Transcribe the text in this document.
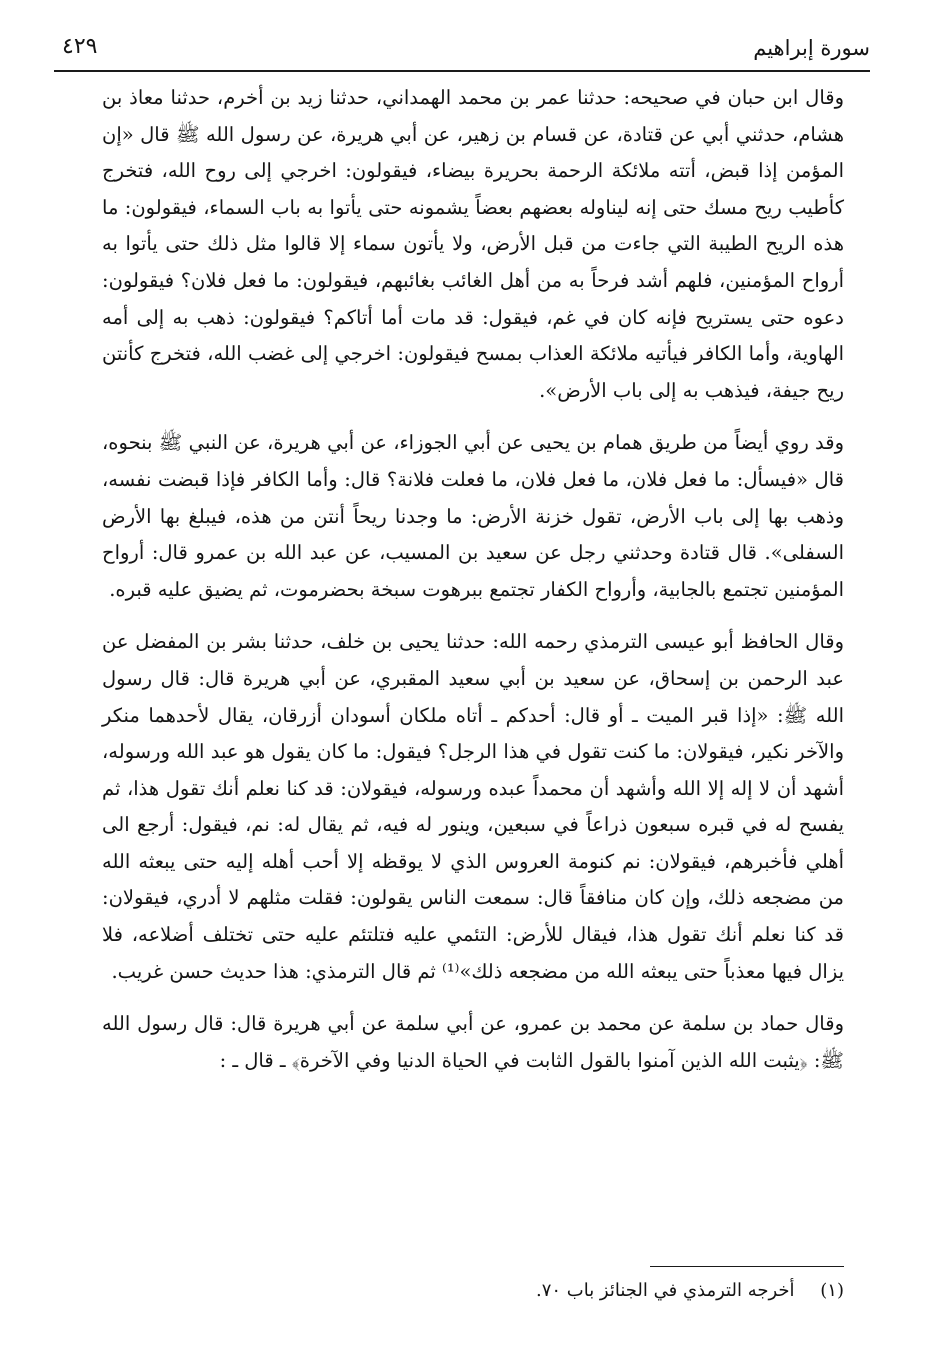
سورة إبراهيم
٤٢٩

وقال ابن حبان في صحيحه: حدثنا عمر بن محمد الهمداني، حدثنا زيد بن أخرم، حدثنا معاذ بن هشام، حدثني أبي عن قتادة، عن قسام بن زهير، عن أبي هريرة، عن رسول الله ﷺ قال «إن المؤمن إذا قبض، أتته ملائكة الرحمة بحريرة بيضاء، فيقولون: اخرجي إلى روح الله، فتخرج كأطيب ريح مسك حتى إنه ليناوله بعضهم بعضاً يشمونه حتى يأتوا به باب السماء، فيقولون: ما هذه الريح الطيبة التي جاءت من قبل الأرض، ولا يأتون سماء إلا قالوا مثل ذلك حتى يأتوا به أرواح المؤمنين، فلهم أشد فرحاً به من أهل الغائب بغائبهم، فيقولون: ما فعل فلان؟ فيقولون: دعوه حتى يستريح فإنه كان في غم، فيقول: قد مات أما أتاكم؟ فيقولون: ذهب به إلى أمه الهاوية، وأما الكافر فيأتيه ملائكة العذاب بمسح فيقولون: اخرجي إلى غضب الله، فتخرج كأنتن ريح جيفة، فيذهب به إلى باب الأرض».

وقد روي أيضاً من طريق همام بن يحيى عن أبي الجوزاء، عن أبي هريرة، عن النبي ﷺ بنحوه، قال «فيسأل: ما فعل فلان، ما فعل فلان، ما فعلت فلانة؟ قال: وأما الكافر فإذا قبضت نفسه، وذهب بها إلى باب الأرض، تقول خزنة الأرض: ما وجدنا ريحاً أنتن من هذه، فيبلغ بها الأرض السفلى». قال قتادة وحدثني رجل عن سعيد بن المسيب، عن عبد الله بن عمرو قال: أرواح المؤمنين تجتمع بالجابية، وأرواح الكفار تجتمع ببرهوت سبخة بحضرموت، ثم يضيق عليه قبره.

وقال الحافظ أبو عيسى الترمذي رحمه الله: حدثنا يحيى بن خلف، حدثنا بشر بن المفضل عن عبد الرحمن بن إسحاق، عن سعيد بن أبي سعيد المقبري، عن أبي هريرة قال: قال رسول الله ﷺ: «إذا قبر الميت ـ أو قال: أحدكم ـ أتاه ملكان أسودان أزرقان، يقال لأحدهما منكر والآخر نكير، فيقولان: ما كنت تقول في هذا الرجل؟ فيقول: ما كان يقول هو عبد الله ورسوله، أشهد أن لا إله إلا الله وأشهد أن محمداً عبده ورسوله، فيقولان: قد كنا نعلم أنك تقول هذا، ثم يفسح له في قبره سبعون ذراعاً في سبعين، وينور له فيه، ثم يقال له: نم، فيقول: أرجع الى أهلي فأخبرهم، فيقولان: نم كنومة العروس الذي لا يوقظه إلا أحب أهله إليه حتى يبعثه الله من مضجعه ذلك، وإن كان منافقاً قال: سمعت الناس يقولون: فقلت مثلهم لا أدري، فيقولان: قد كنا نعلم أنك تقول هذا، فيقال للأرض: التئمي عليه فتلتئم عليه حتى تختلف أضلاعه، فلا يزال فيها معذباً حتى يبعثه الله من مضجعه ذلك»⁽¹⁾ ثم قال الترمذي: هذا حديث حسن غريب.

وقال حماد بن سلمة عن محمد بن عمرو، عن أبي سلمة عن أبي هريرة قال: قال رسول الله ﷺ: ﴿يثبت الله الذين آمنوا بالقول الثابت في الحياة الدنيا وفي الآخرة﴾ ـ قال ـ :

(١) أخرجه الترمذي في الجنائز باب ٧٠.
